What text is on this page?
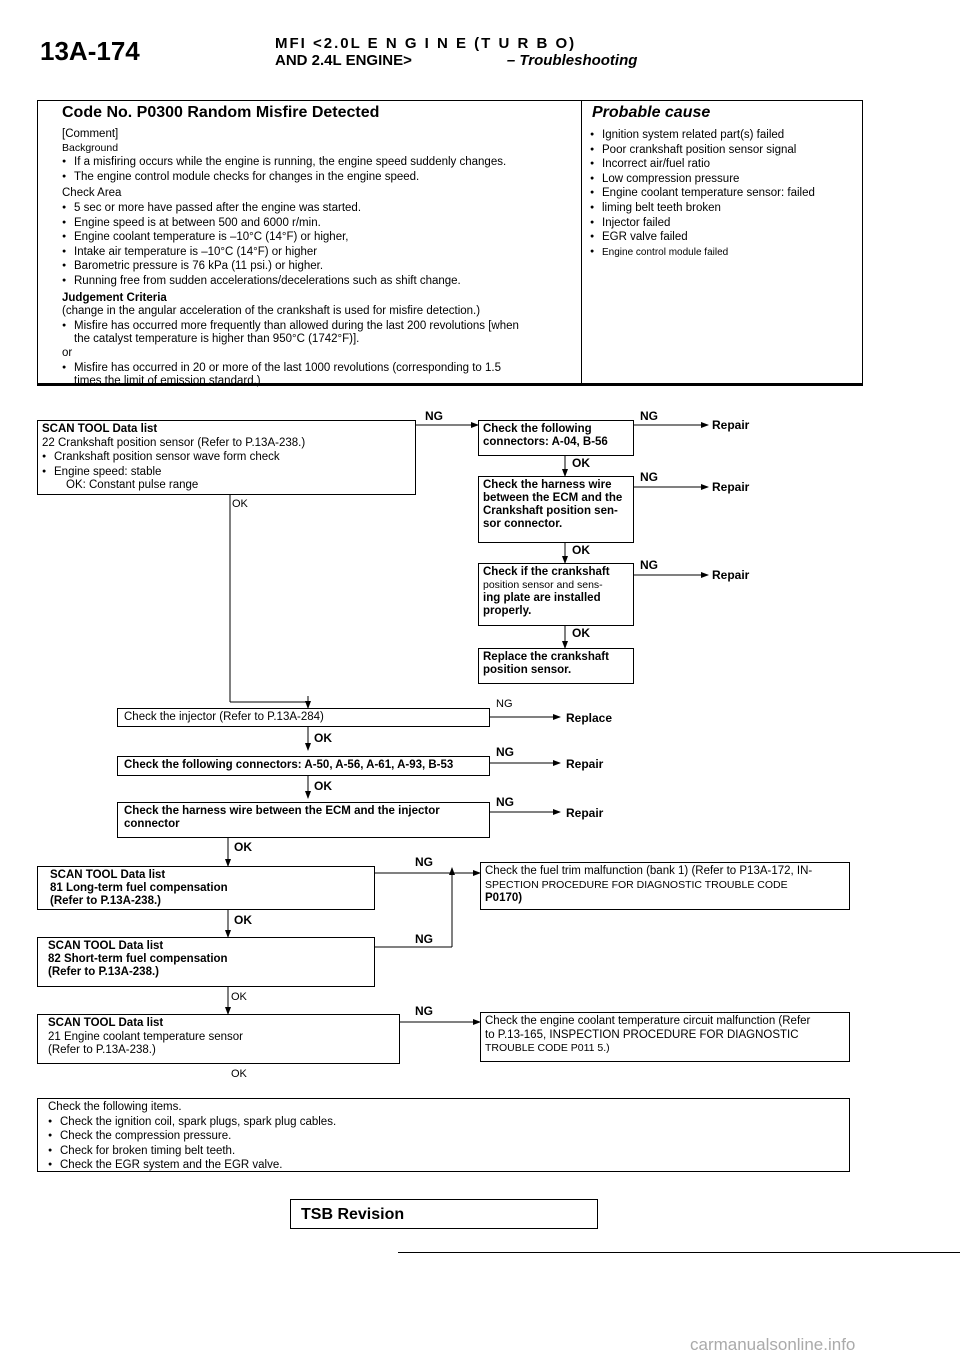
13A-174	MFI <2.0L E N G I N E (T U R B O)
AND 2.4L ENGINE>	– Troubleshooting
Code No. P0300 Random Misfire Detected	Probable cause

[Comment]

Background

● If a misfiring occurs while the engine is running, the engine speed suddenly changes.

● The engine control module checks for changes in the engine speed.

Check Area

● 5 sec or more have passed after the engine was started.

● Engine speed is at between 500 and 6000 r/min.

● Engine coolant temperature is –10°C (14°F) or higher,

● Intake air temperature is –10°C (14°F) or higher

● Barometric pressure is 76 kPa (11 psi.) or higher.

● Running free from sudden accelerations/decelerations such as shift change.

Judgement Criteria

(change in the angular acceleration of the crankshaft is used for misfire detection.)

● Misfire has occurred more frequently than allowed during the last 200 revolutions [when

the catalyst temperature is higher than 950°C (1742°F)].

or

● Misfire has occurred in 20 or more of the last 1000 revolutions (corresponding to 1.5

times the limit of emission standard.)

● Ignition system related part(s) failed

● Poor crankshaft position sensor signal

● Incorrect air/fuel ratio

● Low compression pressure

● Engine coolant temperature sensor: failed

● liming belt teeth broken

● Injector failed

● EGR valve failed

● Engine control module failed

SCAN TOOL Data list
22 Crankshaft position sensor (Refer to P.13A-238.)
● Crankshaft position sensor wave form check
● Engine speed: stable
OK: Constant pulse range
Check the following
connectors: A-04, B-56
Check the harness wire
between the ECM and the
Crankshaft position sen-
sor connector.
Check if the crankshaft
position sensor and sens-
ing plate are installed
properly.
Replace the crankshaft
position sensor.
Check the injector (Refer to P.13A-284)
Check the following connectors: A-50, A-56, A-61, A-93, B-53
Check the harness wire between the ECM and the injector
connector
SCAN TOOL Data list
81 Long-term fuel compensation
(Refer to P.13A-238.)
Check the fuel trim malfunction (bank 1) (Refer to P13A-172, IN-
SPECTION PROCEDURE FOR DIAGNOSTIC TROUBLE CODE
P0170)
SCAN TOOL Data list
82 Short-term fuel compensation
(Refer to P.13A-238.)
SCAN TOOL Data list
21 Engine coolant temperature sensor
(Refer to P.13A-238.)
Check the engine coolant temperature circuit malfunction (Refer
to P.13-165, INSPECTION PROCEDURE FOR DIAGNOSTIC
TROUBLE CODE P011 5.)
Check the following items.
● Check the ignition coil, spark plugs, spark plug cables.
● Check the compression pressure.
● Check for broken timing belt teeth.
● Check the EGR system and the EGR valve.
NG	NG
Repair
OK
NG
Repair
OK
OK
NG
Repair
OK
NG
Replace
OK
NG
Repair
OK
NG
Repair
OK
NG
OK
NG
OK
NG
OK
TSB Revision
carmanualsonline.info
